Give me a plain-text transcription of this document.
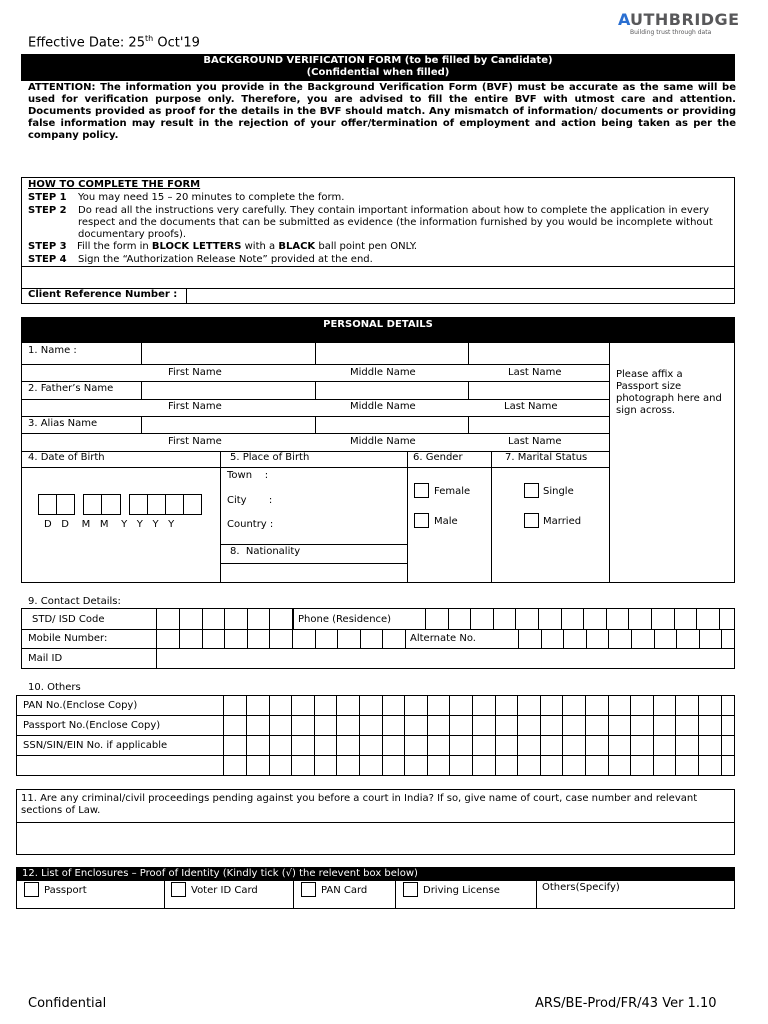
Effective Date: 25th Oct'19
A UTHBRIDGE
Building trust through data
BACKGROUND VERIFICATION FORM (to be filled by Candidate)
(Confidential when filled)
ATTENTION: The information you provide in the Background Verification Form (BVF) must be accurate as the same will be used for verification purpose only. Therefore, you are advised to fill the entire BVF with utmost care and attention. Documents provided as proof for the details in the BVF should match. Any mismatch of information/ documents or providing false information may result in the rejection of your offer/termination of employment and action being taken as per the company policy.
HOW TO COMPLETE THE FORM
STEP 1 You may need 15 – 20 minutes to complete the form.
STEP 2 Do read all the instructions very carefully. They contain important information about how to complete the application in every respect and the documents that can be submitted as evidence (the information furnished by you would be incomplete without documentary proofs).
STEP 3 Fill the form in BLOCK LETTERS with a BLACK ball point pen ONLY.
STEP 4 Sign the “Authorization Release Note” provided at the end.
Client Reference Number :
PERSONAL DETAILS
Please affix a Passport size photograph here and sign across.
1. Name :
First Name	Middle Name	Last Name
2. Father’s Name
First Name	Middle Name	Last Name
3. Alias Name
First Name	Middle Name	Last Name
4. Date of Birth
D   D    M   M    Y   Y   Y   Y
5. Place of Birth
Town    :
City       :
Country :
8.  Nationality
6. Gender
Female
Male
7. Marital Status
Single
Married
9. Contact Details:
STD/ ISD Code	Phone (Residence)
Mobile Number:	Alternate No.
Mail ID
10. Others
PAN No.(Enclose Copy)
Passport No.(Enclose Copy)
SSN/SIN/EIN No. if applicable
11. Are any criminal/civil proceedings pending against you before a court in India? If so, give name of court, case number and relevant sections of Law.
12. List of Enclosures – Proof of Identity (Kindly tick (√) the relevent box below)
Passport	Voter ID Card	PAN Card	Driving License	Others(Specify)
Confidential	ARS/BE-Prod/FR/43 Ver 1.10
